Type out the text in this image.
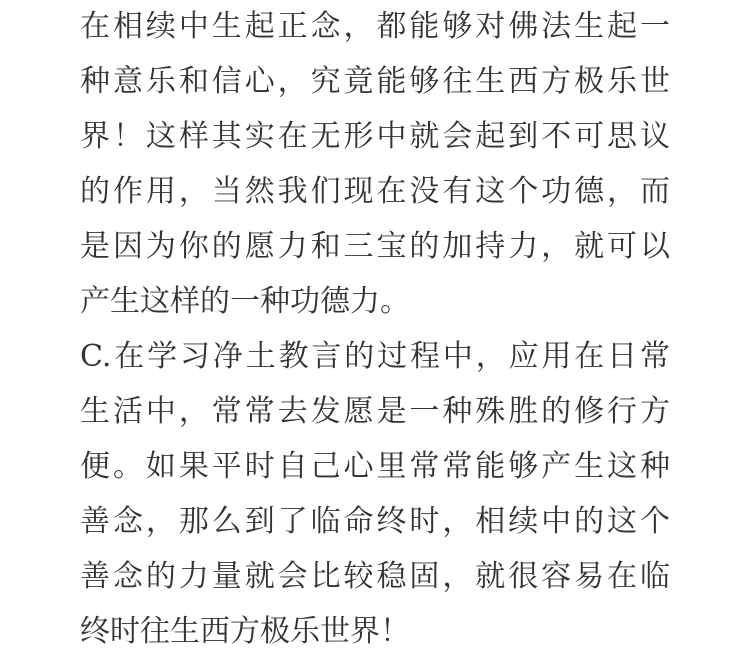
在相续中生起正念，都能够对佛法生起一
种意乐和信心，究竟能够往生西方极乐世
界！这样其实在无形中就会起到不可思议
的作用，当然我们现在没有这个功德，而
是因为你的愿力和三宝的加持力，就可以
产生这样的一种功德力。
C.在学习净土教言的过程中，应用在日常
生活中，常常去发愿是一种殊胜的修行方
便。如果平时自己心里常常能够产生这种
善念，那么到了临命终时，相续中的这个
善念的力量就会比较稳固，就很容易在临
终时往生西方极乐世界！
